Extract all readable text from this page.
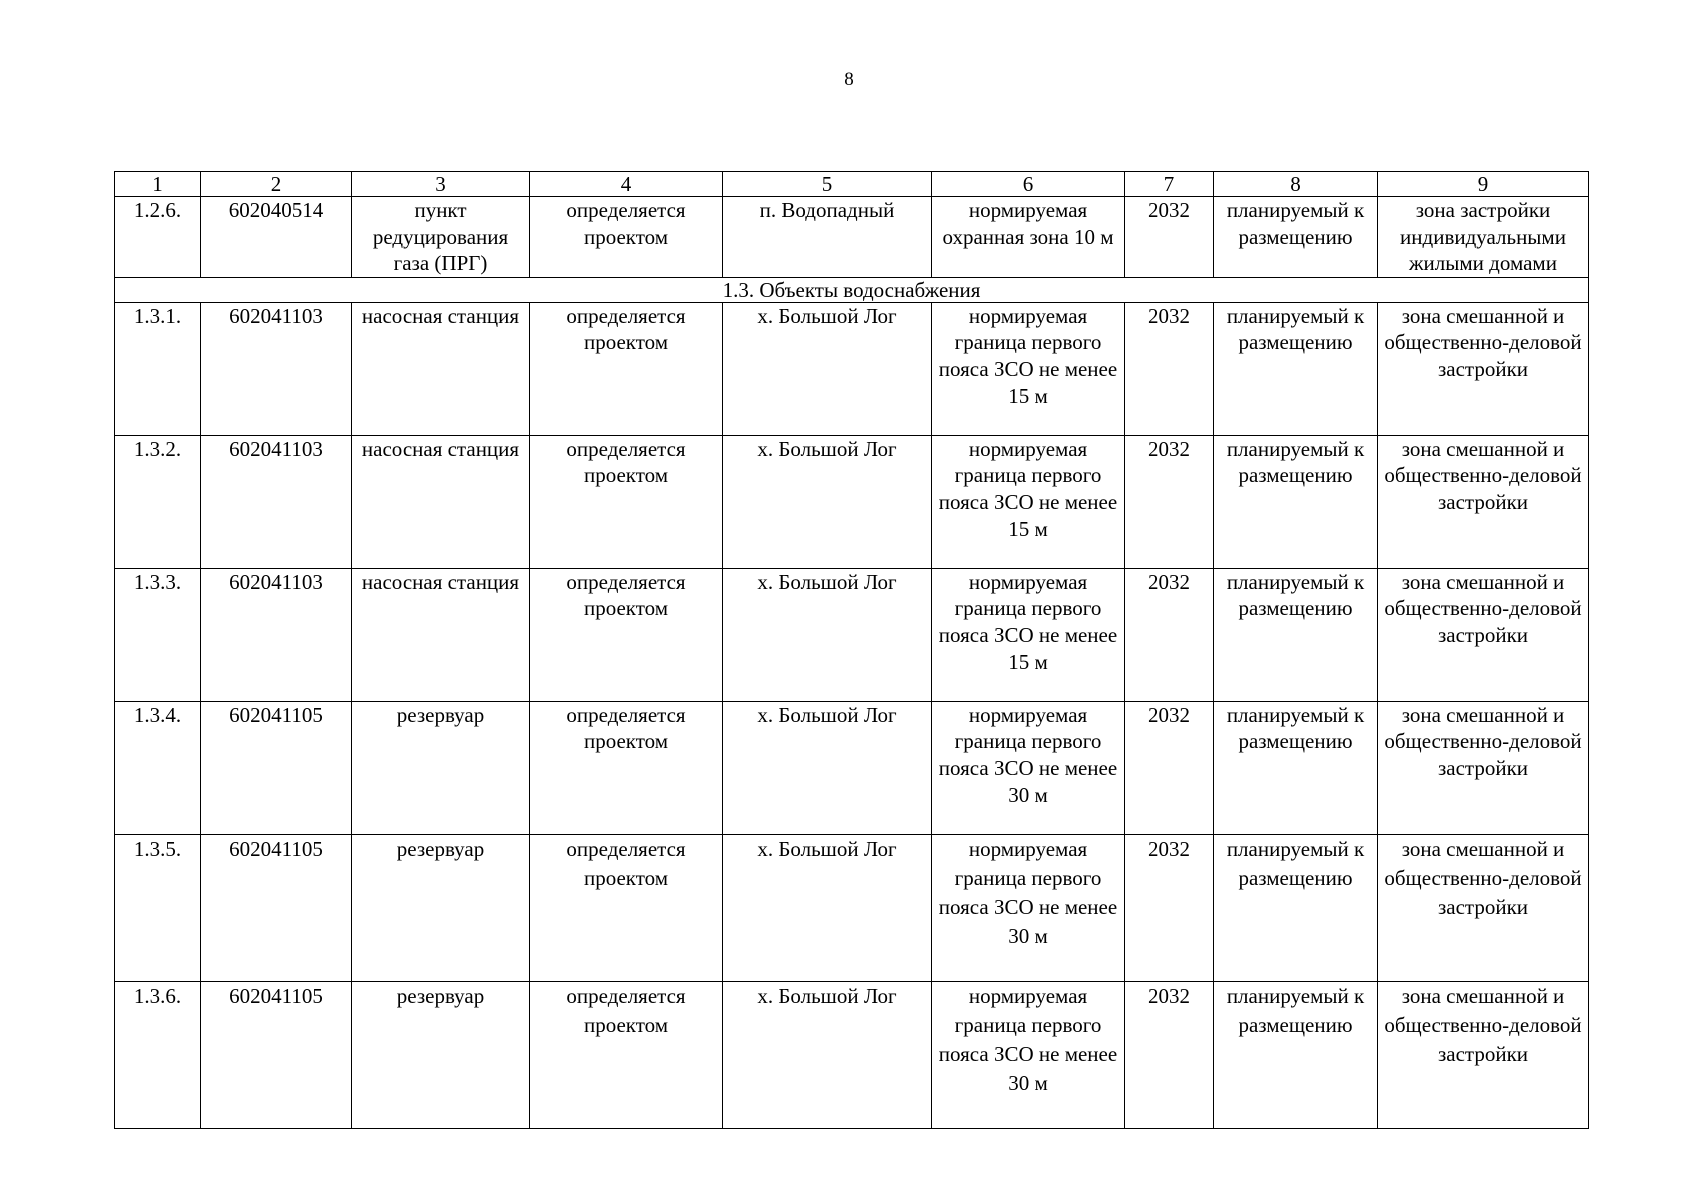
8
1	2	3	4	5	6	7	8	9
1.2.6.	602040514	пункт редуцирования газа (ПРГ)	определяется проектом	п. Водопадный	нормируемая охранная зона 10 м	2032	планируемый к размещению	зона застройки индивидуальными жилыми домами
1.3. Объекты водоснабжения								
1.3.1.	602041103	насосная станция	определяется проектом	х. Большой Лог	нормируемая граница первого пояса ЗСО не менее 15 м	2032	планируемый к размещению	зона смешанной и общественно-деловой застройки
1.3.2.	602041103	насосная станция	определяется проектом	х. Большой Лог	нормируемая граница первого пояса ЗСО не менее 15 м	2032	планируемый к размещению	зона смешанной и общественно-деловой застройки
1.3.3.	602041103	насосная станция	определяется проектом	х. Большой Лог	нормируемая граница первого пояса ЗСО не менее 15 м	2032	планируемый к размещению	зона смешанной и общественно-деловой застройки
1.3.4.	602041105	резервуар	определяется проектом	х. Большой Лог	нормируемая граница первого пояса ЗСО не менее 30 м	2032	планируемый к размещению	зона смешанной и общественно-деловой застройки
1.3.5.	602041105	резервуар	определяется проектом	х. Большой Лог	нормируемая граница первого пояса ЗСО не менее 30 м	2032	планируемый к размещению	зона смешанной и общественно-деловой застройки
1.3.6.	602041105	резервуар	определяется проектом	х. Большой Лог	нормируемая граница первого пояса ЗСО не менее 30 м	2032	планируемый к размещению	зона смешанной и общественно-деловой застройки
